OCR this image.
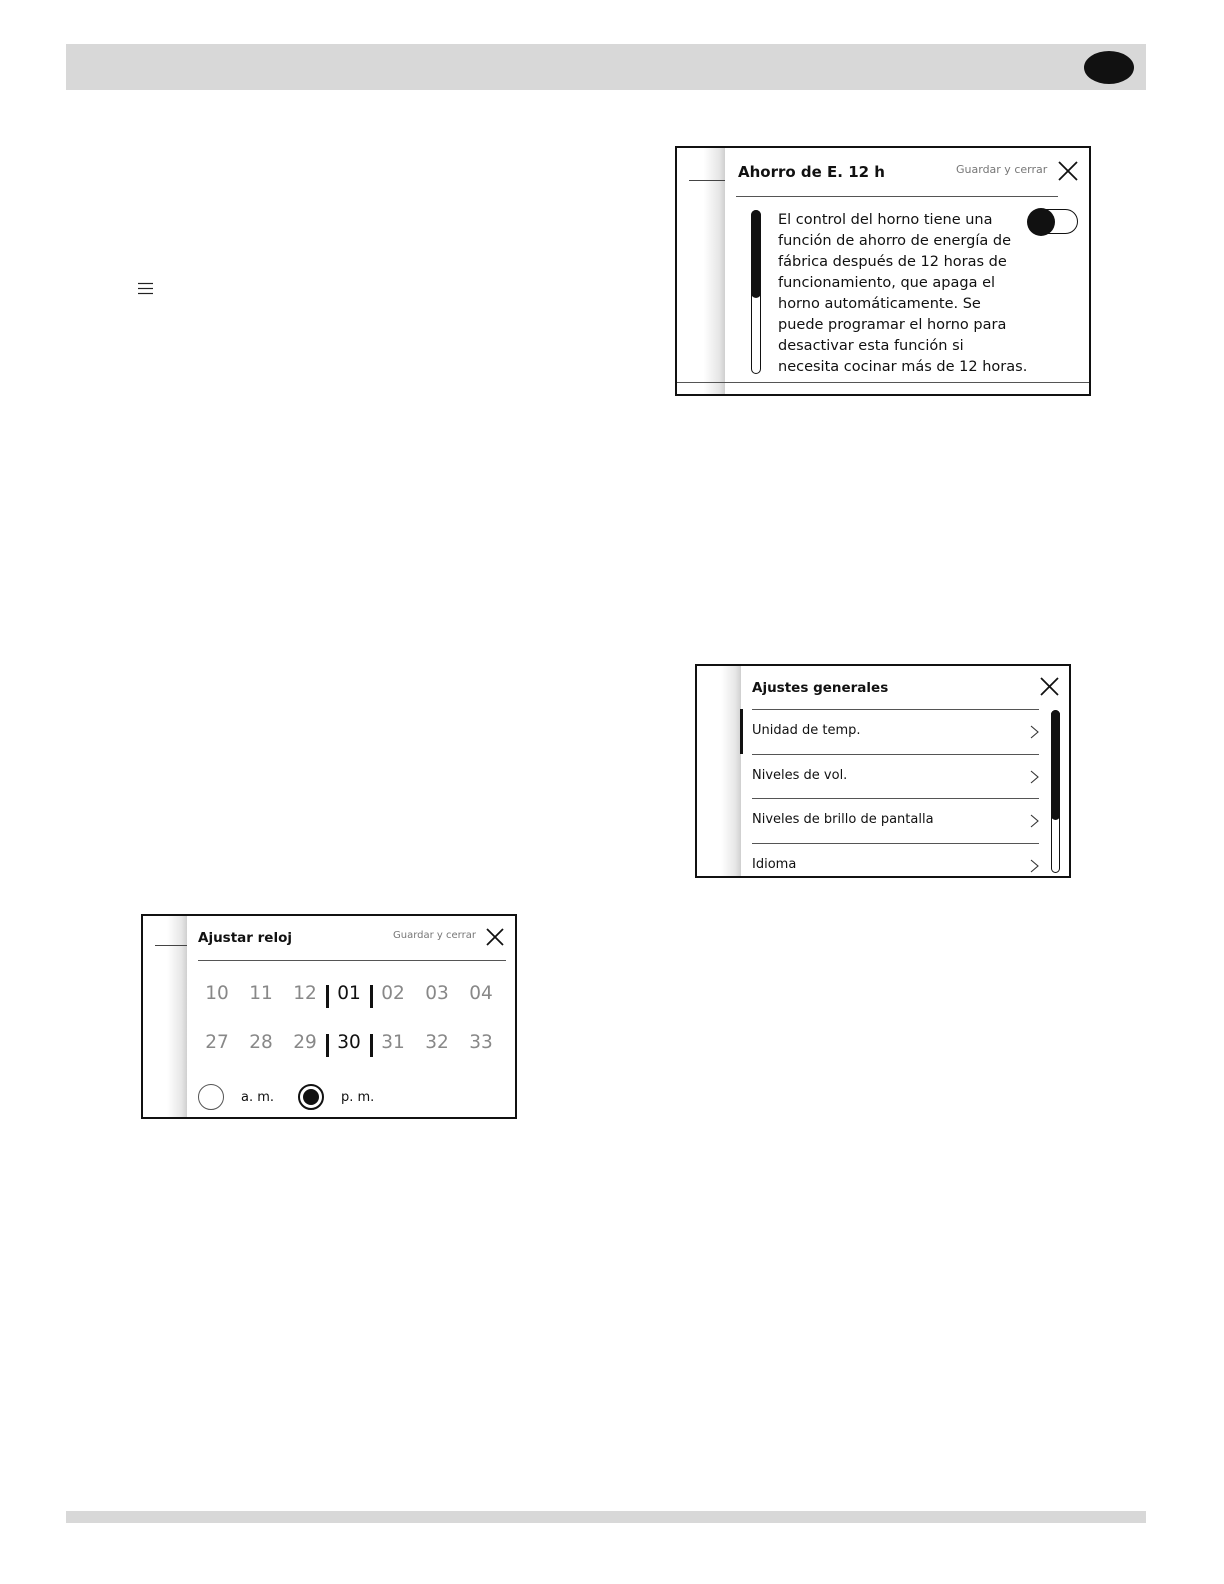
Ahorro de E. 12 h	Guardar y cerrar
El control del horno tiene una función de ahorro de energía de fábrica después de 12 horas de funcionamiento, que apaga el horno automáticamente. Se puede programar el horno para desactivar esta función si necesita cocinar más de 12 horas.
Ajustes generales
Unidad de temp.
Niveles de vol.
Niveles de brillo de pantalla
Idioma
Ajustar reloj	Guardar y cerrar
10	11	12	01	02	03	04
27	28	29	30	31	32	33
a. m.	p. m.
